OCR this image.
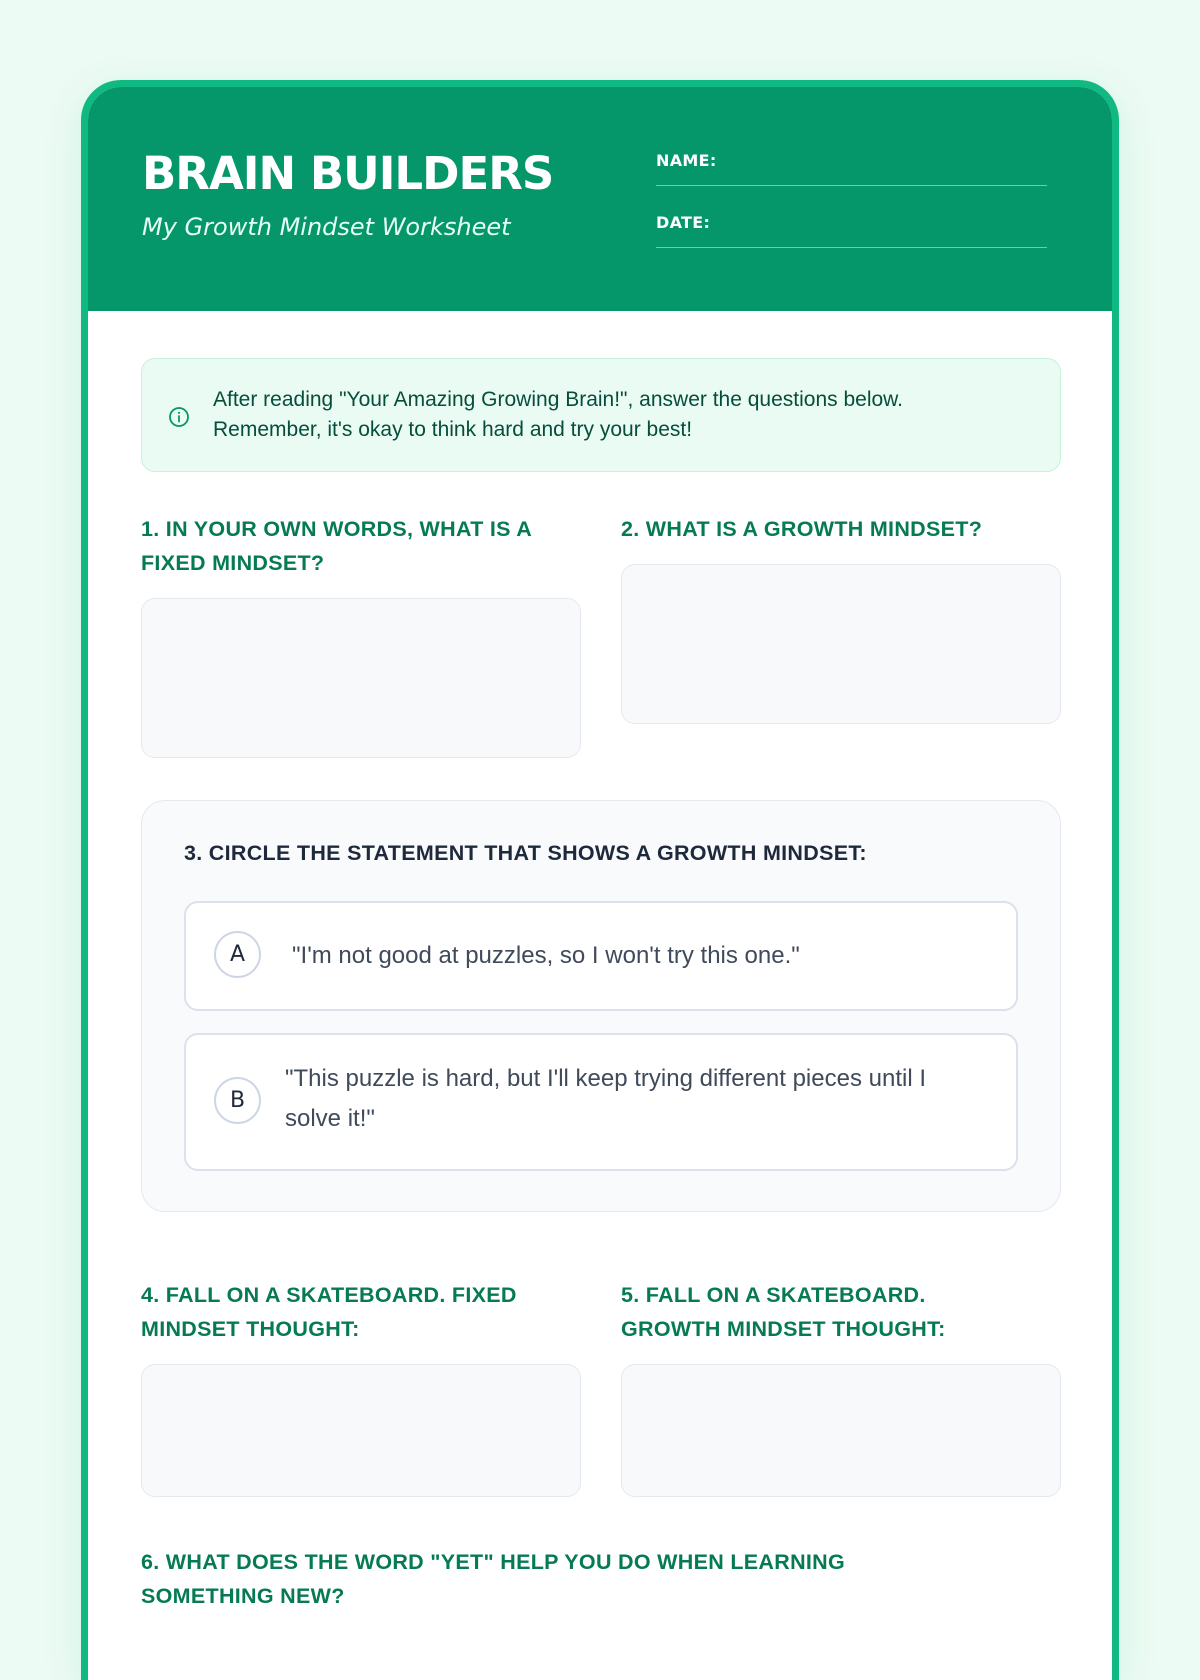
BRAIN BUILDERS
My Growth Mindset Worksheet
NAME:
DATE:
After reading "Your Amazing Growing Brain!", answer the questions below.
Remember, it's okay to think hard and try your best!
1. IN YOUR OWN WORDS, WHAT IS A
FIXED MINDSET?
2. WHAT IS A GROWTH MINDSET?
3. CIRCLE THE STATEMENT THAT SHOWS A GROWTH MINDSET:
A	"I'm not good at puzzles, so I won't try this one."
B
"This puzzle is hard, but I'll keep trying different pieces until I solve it!"
4. FALL ON A SKATEBOARD. FIXED
MINDSET THOUGHT:
5. FALL ON A SKATEBOARD.
GROWTH MINDSET THOUGHT:
6. WHAT DOES THE WORD "YET" HELP YOU DO WHEN LEARNING
SOMETHING NEW?
